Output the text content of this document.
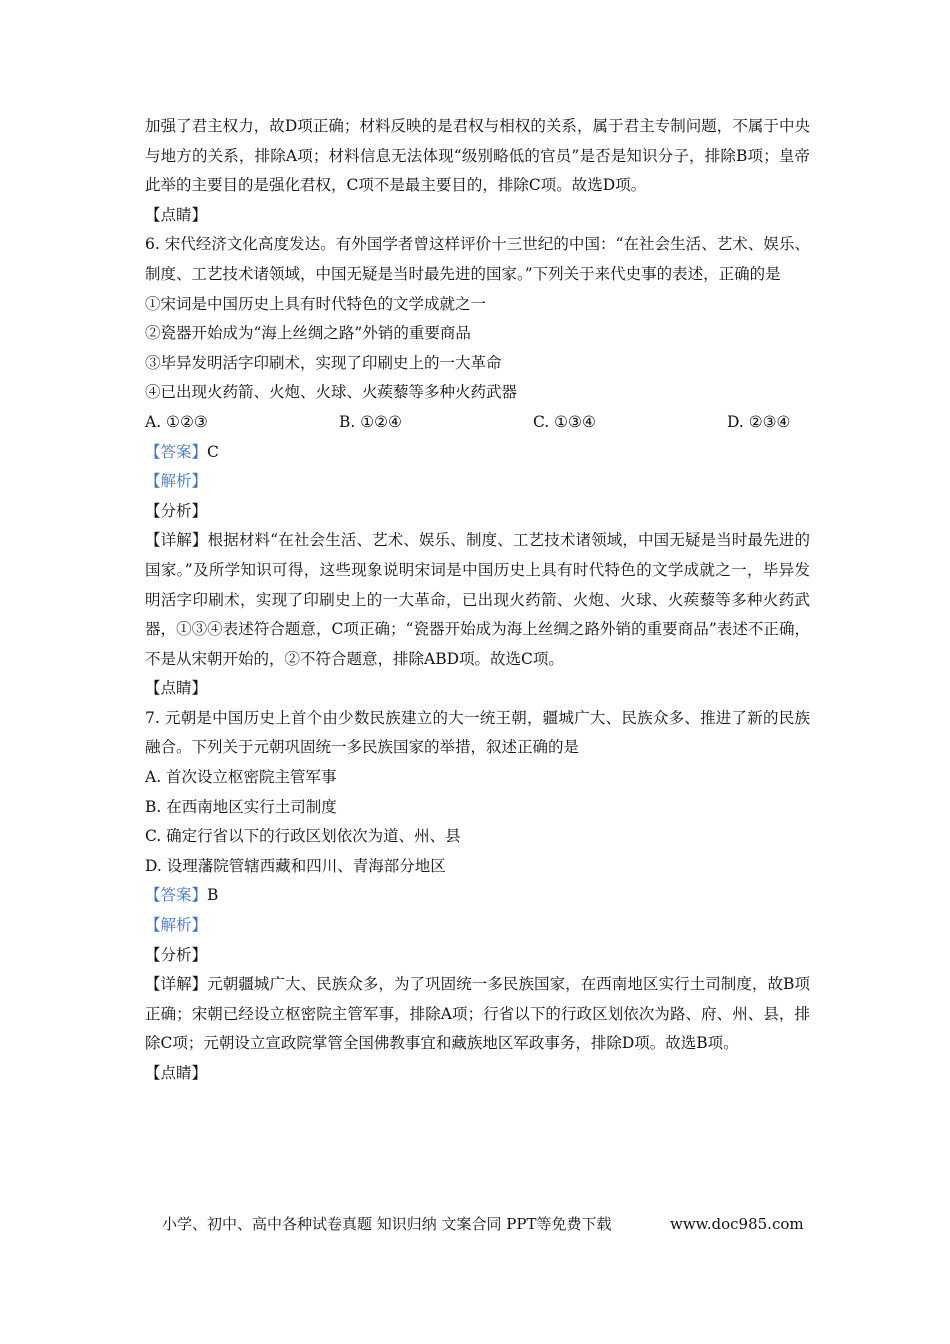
加强了君主权力，故D项正确；材料反映的是君权与相权的关系，属于君主专制问题，不属于中央与地方的关系，排除A项；材料信息无法体现“级别略低的官员”是否是知识分子，排除B项；皇帝此举的主要目的是强化君权，C项不是最主要目的，排除C项。故选D项。

【点睛】

6. 宋代经济文化高度发达。有外国学者曾这样评价十三世纪的中国：“在社会生活、艺术、娱乐、制度、工艺技术诸领域，中国无疑是当时最先进的国家。”下列关于来代史事的表述，正确的是

①宋词是中国历史上具有时代特色的文学成就之一
②瓷器开始成为“海上丝绸之路”外销的重要商品
③毕异发明活字印刷术，实现了印刷史上的一大革命
④已出现火药箭、火炮、火球、火蒺藜等多种火药武器
A. ①②③	B. ①②④	C. ①③④	D. ②③④
【答案】C
【解析】
【分析】

【详解】根据材料“在社会生活、艺术、娱乐、制度、工艺技术诸领域，中国无疑是当时最先进的国家。”及所学知识可得，这些现象说明宋词是中国历史上具有时代特色的文学成就之一，毕异发明活字印刷术，实现了印刷史上的一大革命，已出现火药箭、火炮、火球、火蒺藜等多种火药武器，①③④表述符合题意，C项正确；“瓷器开始成为海上丝绸之路外销的重要商品”表述不正确，不是从宋朝开始的，②不符合题意，排除ABD项。故选C项。

【点睛】

7. 元朝是中国历史上首个由少数民族建立的大一统王朝，疆城广大、民族众多、推进了新的民族融合。下列关于元朝巩固统一多民族国家的举措，叙述正确的是

A. 首次设立枢密院主管军事
B. 在西南地区实行土司制度
C. 确定行省以下的行政区划依次为道、州、县
D. 设理藩院管辖西藏和四川、青海部分地区
【答案】B
【解析】
【分析】

【详解】元朝疆城广大、民族众多，为了巩固统一多民族国家，在西南地区实行土司制度，故B项正确；宋朝已经设立枢密院主管军事，排除A项；行省以下的行政区划依次为路、府、州、县，排除C项；元朝设立宣政院掌管全国佛教事宜和藏族地区军政事务，排除D项。故选B项。

【点睛】
小学、初中、高中各种试卷真题 知识归纳 文案合同 PPT等免费下载	www.doc985.com
